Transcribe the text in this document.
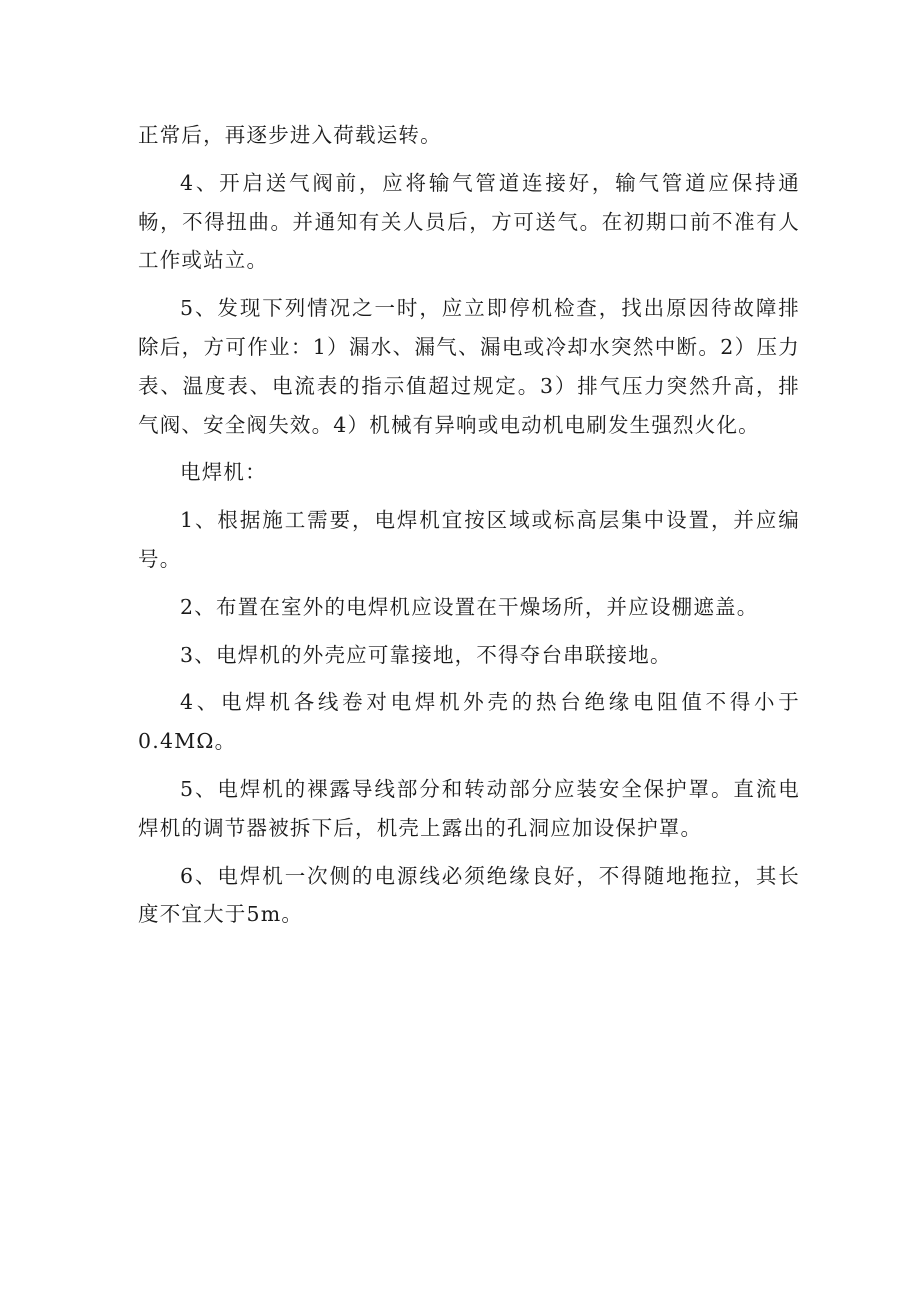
正常后，再逐步进入荷载运转。

4、开启送气阀前，应将输气管道连接好，输气管道应保持通畅，不得扭曲。并通知有关人员后，方可送气。在初期口前不准有人工作或站立。

5、发现下列情况之一时，应立即停机检查，找出原因待故障排除后，方可作业：1）漏水、漏气、漏电或冷却水突然中断。2）压力表、温度表、电流表的指示值超过规定。3）排气压力突然升高，排气阀、安全阀失效。4）机械有异响或电动机电刷发生强烈火化。

电焊机：

1、根据施工需要，电焊机宜按区域或标高层集中设置，并应编号。

2、布置在室外的电焊机应设置在干燥场所，并应设棚遮盖。

3、电焊机的外壳应可靠接地，不得夺台串联接地。

4、电焊机各线卷对电焊机外壳的热台绝缘电阻值不得小于0.4MΩ。

5、电焊机的裸露导线部分和转动部分应装安全保护罩。直流电焊机的调节器被拆下后，机壳上露出的孔洞应加设保护罩。

6、电焊机一次侧的电源线必须绝缘良好，不得随地拖拉，其长度不宜大于5m。
